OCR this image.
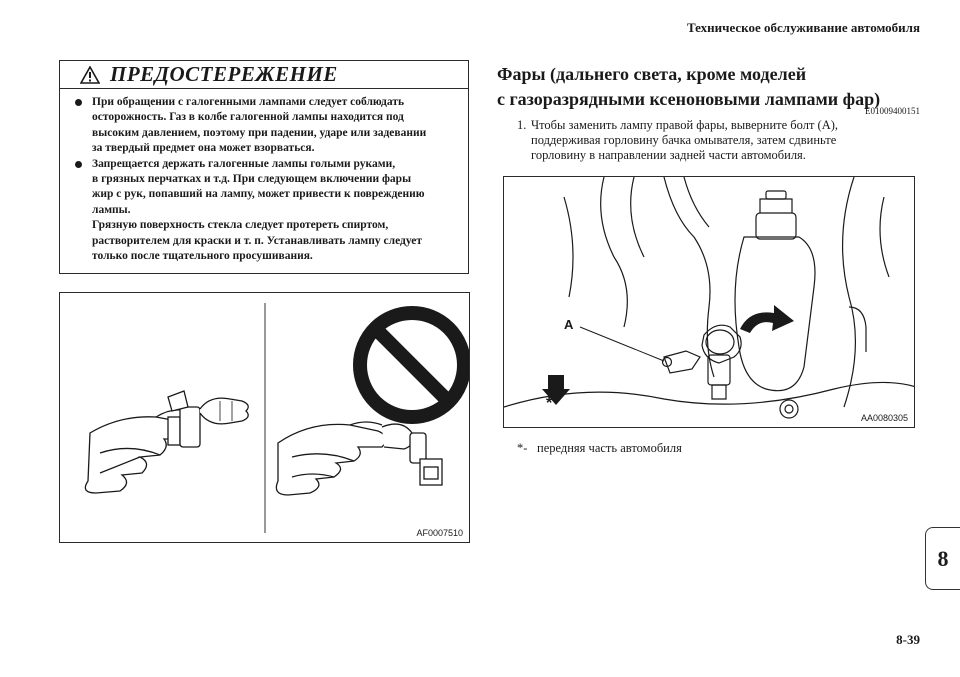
Техническое обслуживание автомобиля
ПРЕДОСТЕРЕЖЕНИЕ

При обращении с галогенными лампами следует соблюдать

осторожность. Газ в колбе галогенной лампы находится под

высоким давлением, поэтому при падении, ударе или задевании

за твердый предмет она может взорваться.

Запрещается держать галогенные лампы голыми руками,

в грязных перчатках и т.д. При следующем включении фары

жир с рук, попавший на лампу, может привести к повреждению

лампы.

Грязную поверхность стекла следует протереть спиртом,

растворителем для краски и т. п. Устанавливать лампу следует

только после тщательного просушивания.

AF0007510
Фары (дальнего света, кроме моделей
с газоразрядными ксеноновыми лампами фар)
E01009400151
1. Чтобы заменить лампу правой фары, выверните болт (A),
поддерживая горловину бачка омывателя, затем сдвиньте
горловину в направлении задней части автомобиля.
A
*
AA0080305
*- передняя часть автомобиля
8
8-39
